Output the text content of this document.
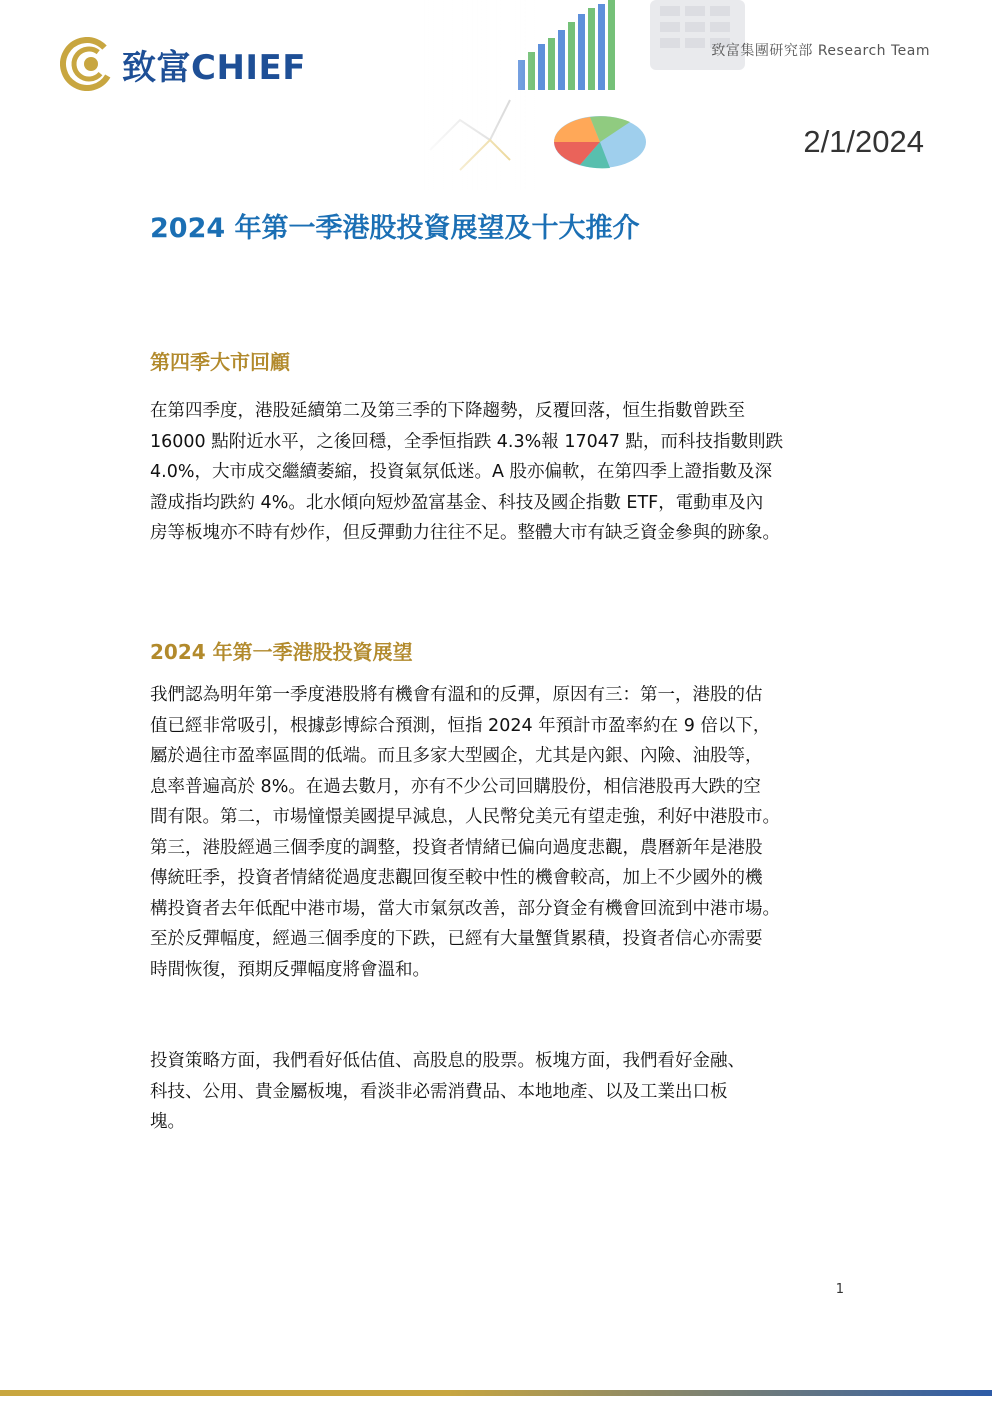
致富CHIEF	致富集團研究部 Research Team
2/1/2024
2024 年第一季港股投資展望及十大推介
第四季大市回顧

在第四季度，港股延續第二及第三季的下降趨勢，反覆回落，恒生指數曾跌至

16000 點附近水平，之後回穩，全季恒指跌 4.3%報 17047 點，而科技指數則跌

4.0%，大市成交繼續萎縮，投資氣氛低迷。A 股亦偏軟，在第四季上證指數及深

證成指均跌約 4%。北水傾向短炒盈富基金、科技及國企指數 ETF，電動車及內

房等板塊亦不時有炒作，但反彈動力往往不足。整體大市有缺乏資金參與的跡象。

2024 年第一季港股投資展望

我們認為明年第一季度港股將有機會有溫和的反彈，原因有三：第一，港股的估

值已經非常吸引，根據彭博綜合預測，恒指 2024 年預計市盈率約在 9 倍以下，

屬於過往市盈率區間的低端。而且多家大型國企，尤其是內銀、內險、油股等，

息率普遍高於 8%。在過去數月，亦有不少公司回購股份，相信港股再大跌的空

間有限。第二，市場憧憬美國提早減息，人民幣兌美元有望走強，利好中港股市。

第三，港股經過三個季度的調整，投資者情緒已偏向過度悲觀，農曆新年是港股

傳統旺季，投資者情緒從過度悲觀回復至較中性的機會較高，加上不少國外的機

構投資者去年低配中港市場，當大市氣氛改善，部分資金有機會回流到中港市場。

至於反彈幅度，經過三個季度的下跌，已經有大量蟹貨累積，投資者信心亦需要

時間恢復，預期反彈幅度將會溫和。

投資策略方面，我們看好低估值、高股息的股票。板塊方面，我們看好金融、

科技、公用、貴金屬板塊，看淡非必需消費品、本地地產、以及工業出口板

塊。

1
